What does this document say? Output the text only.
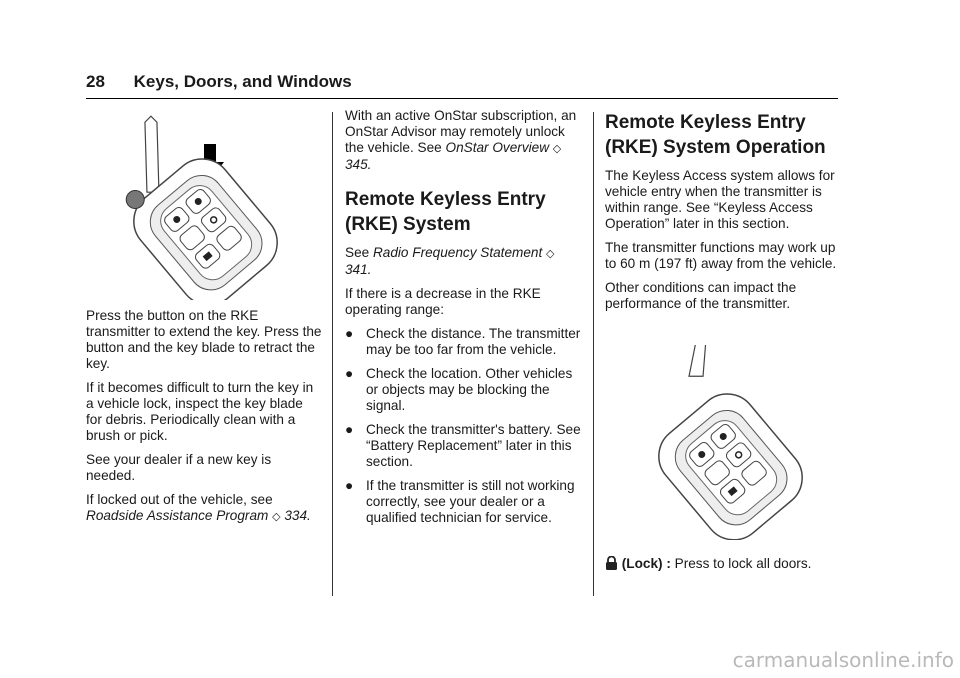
28 Keys, Doors, and Windows

Press the button on the RKE transmitter to extend the key. Press the button and the key blade to retract the key.

If it becomes difficult to turn the key in a vehicle lock, inspect the key blade for debris. Periodically clean with a brush or pick.

See your dealer if a new key is needed.

If locked out of the vehicle, see Roadside Assistance Program ◇ 334.

With an active OnStar subscription, an OnStar Advisor may remotely unlock the vehicle. See OnStar Overview ◇ 345.

Remote Keyless Entry (RKE) System

See Radio Frequency Statement ◇ 341.

If there is a decrease in the RKE operating range:

● Check the distance. The transmitter may be too far from the vehicle.
● Check the location. Other vehicles or objects may be blocking the signal.
● Check the transmitter's battery. See “Battery Replacement” later in this section.
● If the transmitter is still not working correctly, see your dealer or a qualified technician for service.
Remote Keyless Entry (RKE) System Operation

The Keyless Access system allows for vehicle entry when the transmitter is within range. See “Keyless Access Operation” later in this section.

The transmitter functions may work up to 60 m (197 ft) away from the vehicle.

Other conditions can impact the performance of the transmitter.

(Lock) : Press to lock all doors.
carmanualsonline.info
